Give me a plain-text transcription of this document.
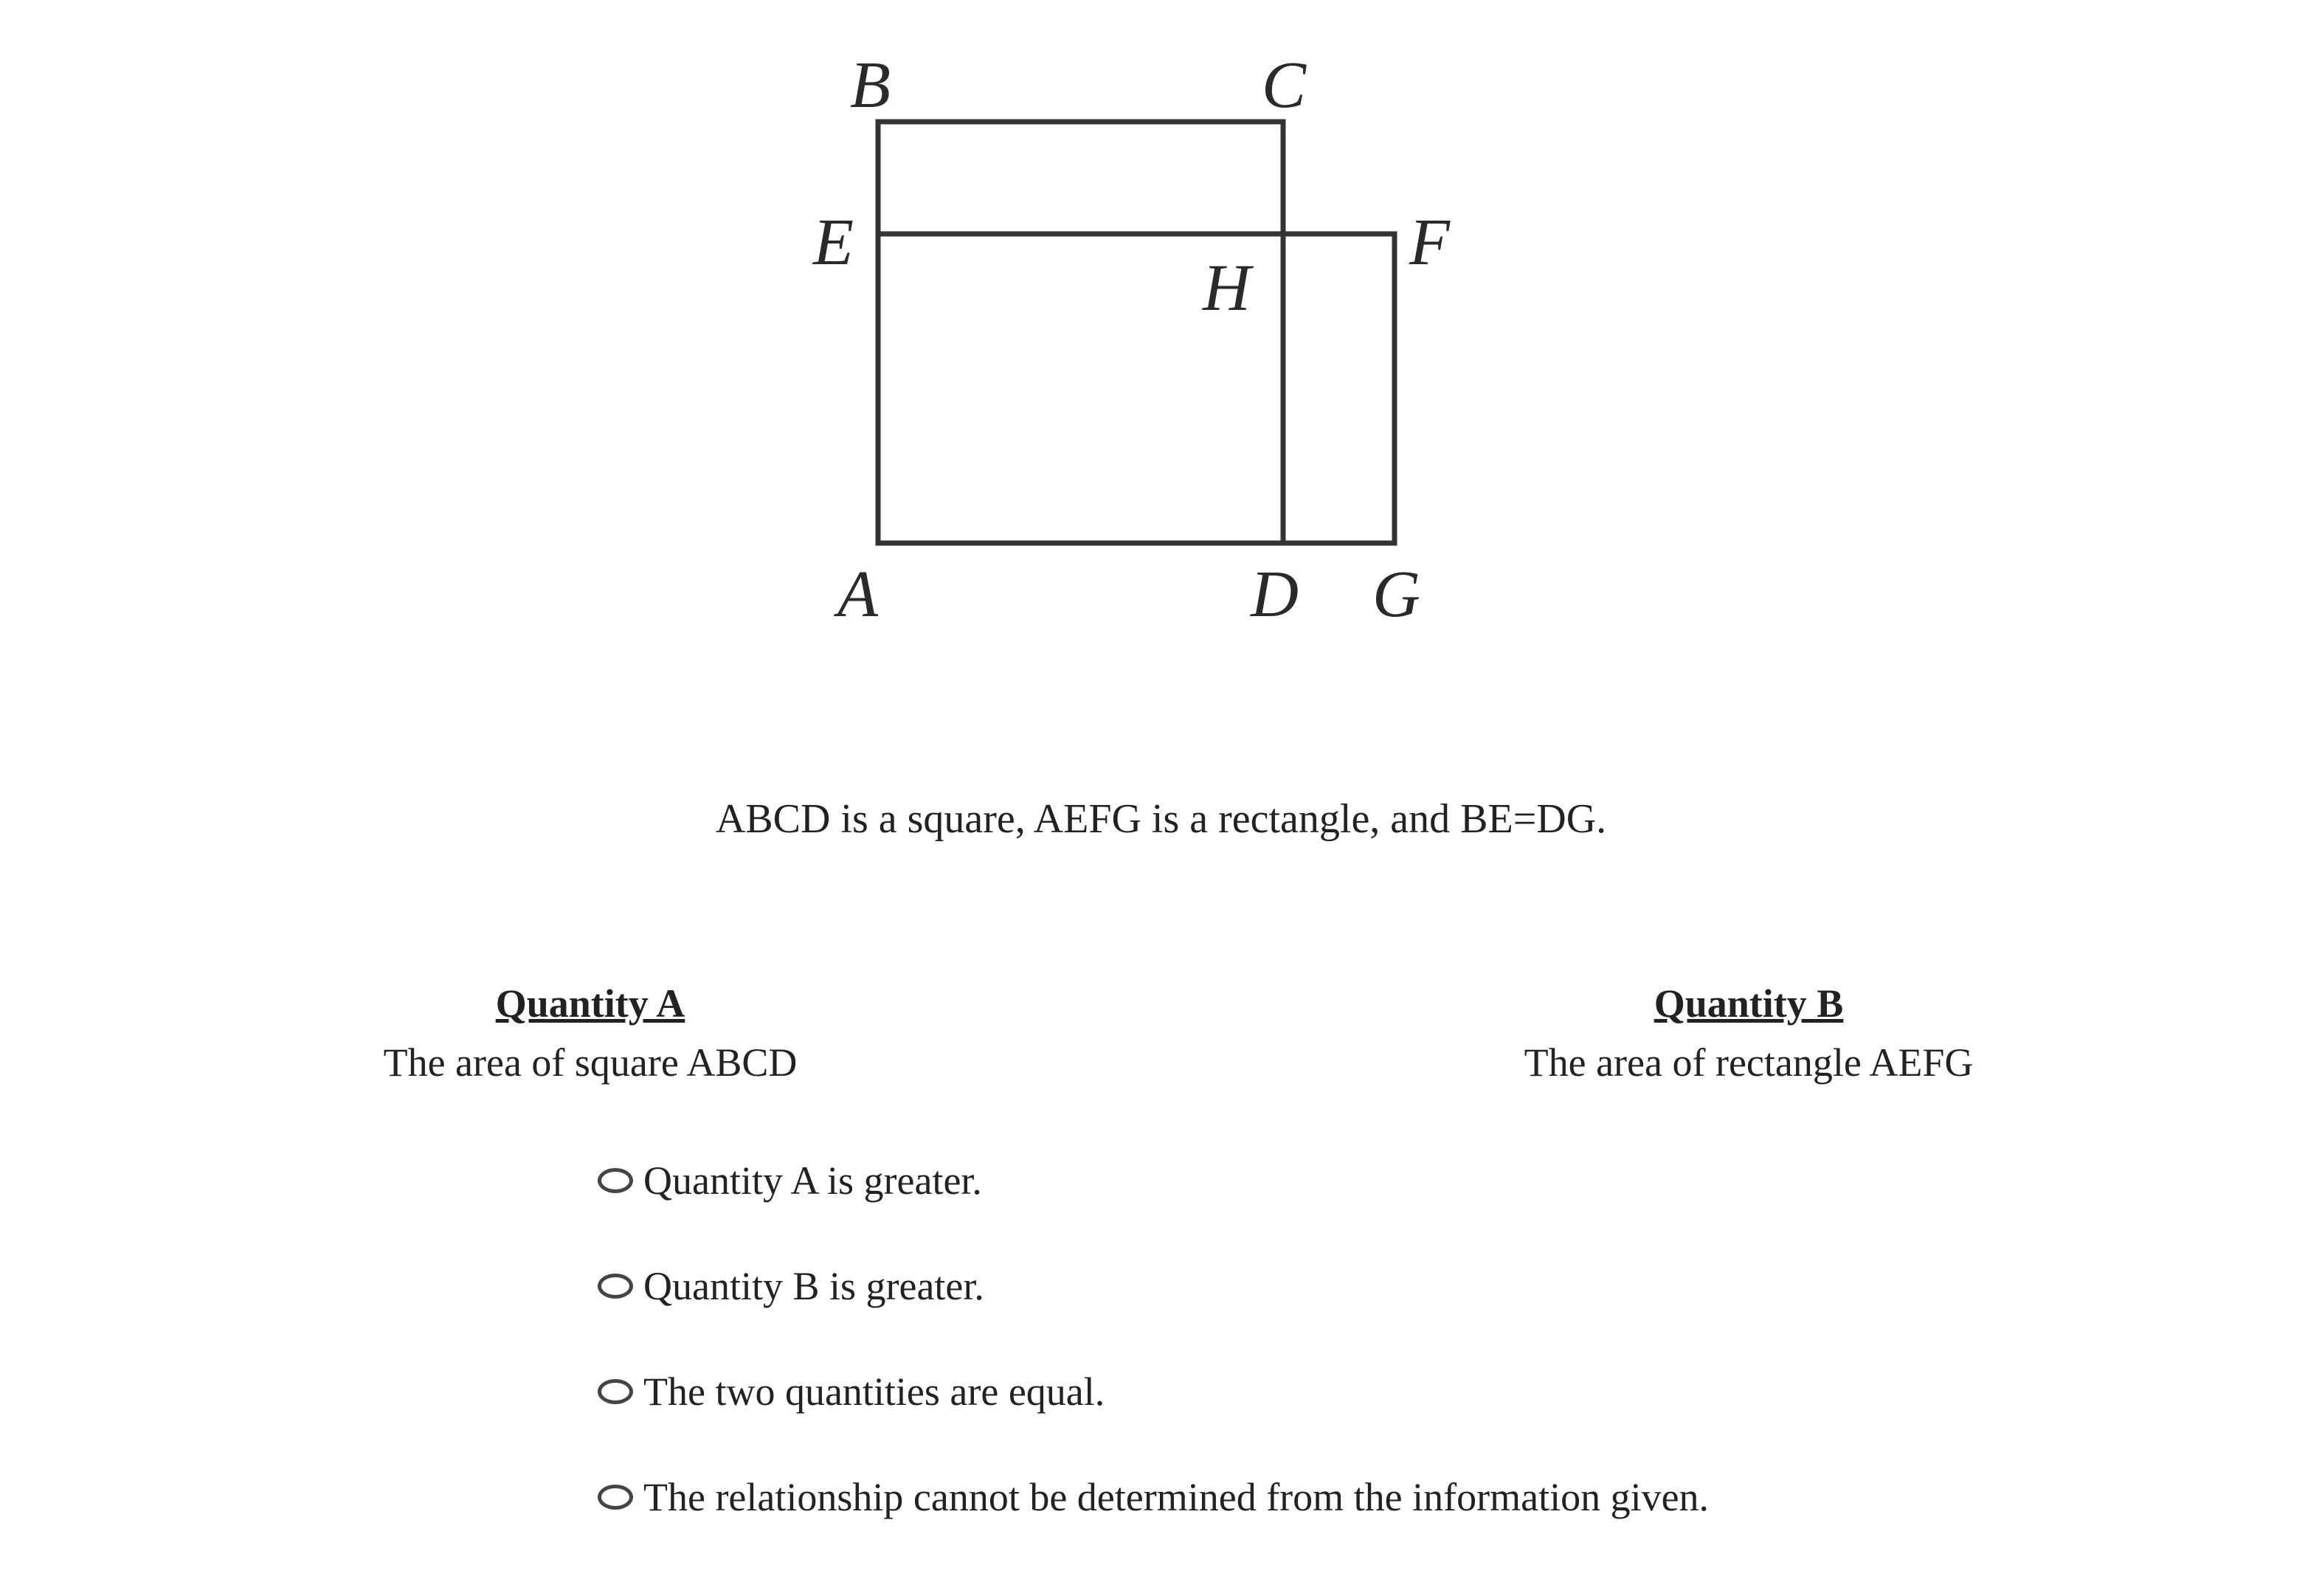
B	C
E	F
H
A	D G
ABCD is a square, AEFG is a rectangle, and BE=DG.
Quantity A
The area of square ABCD
Quantity B
The area of rectangle AEFG
Quantity A is greater.
Quantity B is greater.
The two quantities are equal.
The relationship cannot be determined from the information given.
